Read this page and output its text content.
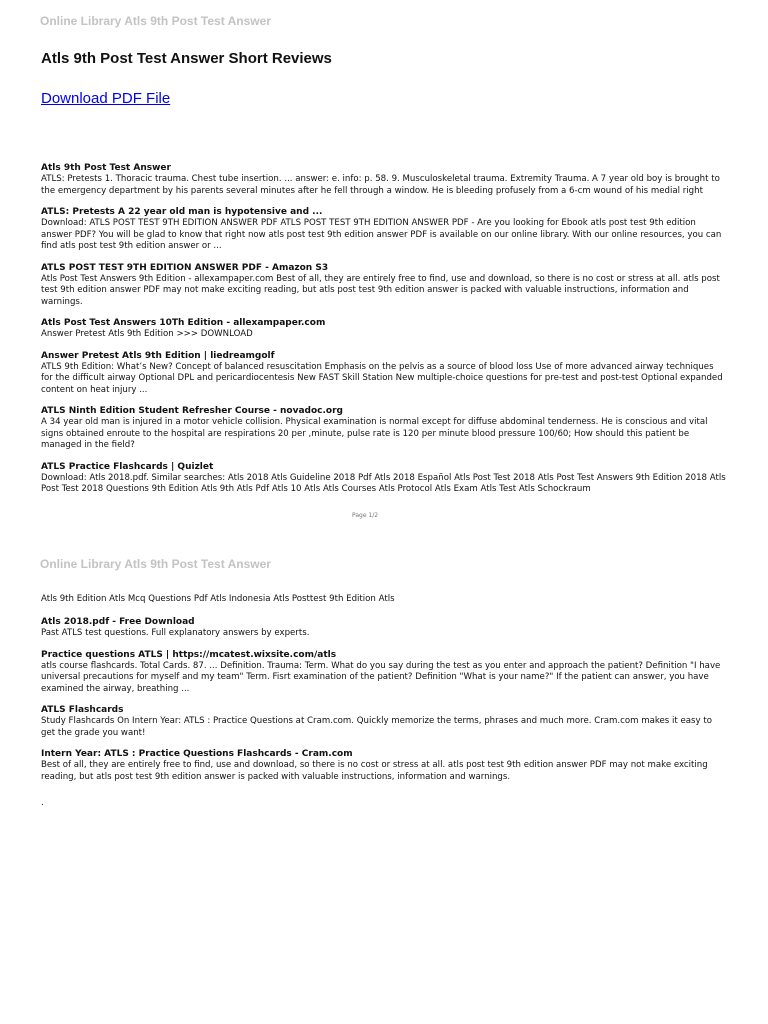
Online Library Atls 9th Post Test Answer
Atls 9th Post Test Answer Short Reviews
Download PDF File

Atls 9th Post Test Answer

ATLS: Pretests 1. Thoracic trauma. Chest tube insertion. ... answer: e. info: p. 58. 9. Musculoskeletal trauma. Extremity Trauma. A 7 year old boy is brought to the emergency department by his parents several minutes after he fell through a window. He is bleeding profusely from a 6-cm wound of his medial right

ATLS: Pretests A 22 year old man is hypotensive and ...

Download: ATLS POST TEST 9TH EDITION ANSWER PDF ATLS POST TEST 9TH EDITION ANSWER PDF - Are you looking for Ebook atls post test 9th edition answer PDF? You will be glad to know that right now atls post test 9th edition answer PDF is available on our online library. With our online resources, you can find atls post test 9th edition answer or ...

ATLS POST TEST 9TH EDITION ANSWER PDF - Amazon S3

Atls Post Test Answers 9th Edition - allexampaper.com Best of all, they are entirely free to find, use and download, so there is no cost or stress at all. atls post test 9th edition answer PDF may not make exciting reading, but atls post test 9th edition answer is packed with valuable instructions, information and warnings.

Atls Post Test Answers 10Th Edition - allexampaper.com

Answer Pretest Atls 9th Edition >>> DOWNLOAD

Answer Pretest Atls 9th Edition | liedreamgolf

ATLS 9th Edition: What’s New? Concept of balanced resuscitation Emphasis on the pelvis as a source of blood loss Use of more advanced airway techniques for the difficult airway Optional DPL and pericardiocentesis New FAST Skill Station New multiple-choice questions for pre-test and post-test Optional expanded content on heat injury ...

ATLS Ninth Edition Student Refresher Course - novadoc.org

A 34 year old man is injured in a motor vehicle collision. Physical examination is normal except for diffuse abdominal tenderness. He is conscious and vital signs obtained enroute to the hospital are respirations 20 per ,minute, pulse rate is 120 per minute blood pressure 100/60; How should this patient be managed in the field?

ATLS Practice Flashcards | Quizlet

Download: Atls 2018.pdf. Similar searches: Atls 2018 Atls Guideline 2018 Pdf Atls 2018 Español Atls Post Test 2018 Atls Post Test Answers 9th Edition 2018 Atls Post Test 2018 Questions 9th Edition Atls 9th Atls Pdf Atls 10 Atls Atls Courses Atls Protocol Atls Exam Atls Test Atls Schockraum

Page 1/2
Online Library Atls 9th Post Test Answer

Atls 9th Edition Atls Mcq Questions Pdf Atls Indonesia Atls Posttest 9th Edition Atls

Atls 2018.pdf - Free Download

Past ATLS test questions. Full explanatory answers by experts.

Practice questions ATLS | https://mcatest.wixsite.com/atls

atls course flashcards. Total Cards. 87. ... Definition. Trauma: Term. What do you say during the test as you enter and approach the patient? Definition "I have universal precautions for myself and my team" Term. Fisrt examination of the patient? Definition "What is your name?" If the patient can answer, you have examined the airway, breathing ...

ATLS Flashcards

Study Flashcards On Intern Year: ATLS : Practice Questions at Cram.com. Quickly memorize the terms, phrases and much more. Cram.com makes it easy to get the grade you want!

Intern Year: ATLS : Practice Questions Flashcards - Cram.com

Best of all, they are entirely free to find, use and download, so there is no cost or stress at all. atls post test 9th edition answer PDF may not make exciting reading, but atls post test 9th edition answer is packed with valuable instructions, information and warnings.

.
